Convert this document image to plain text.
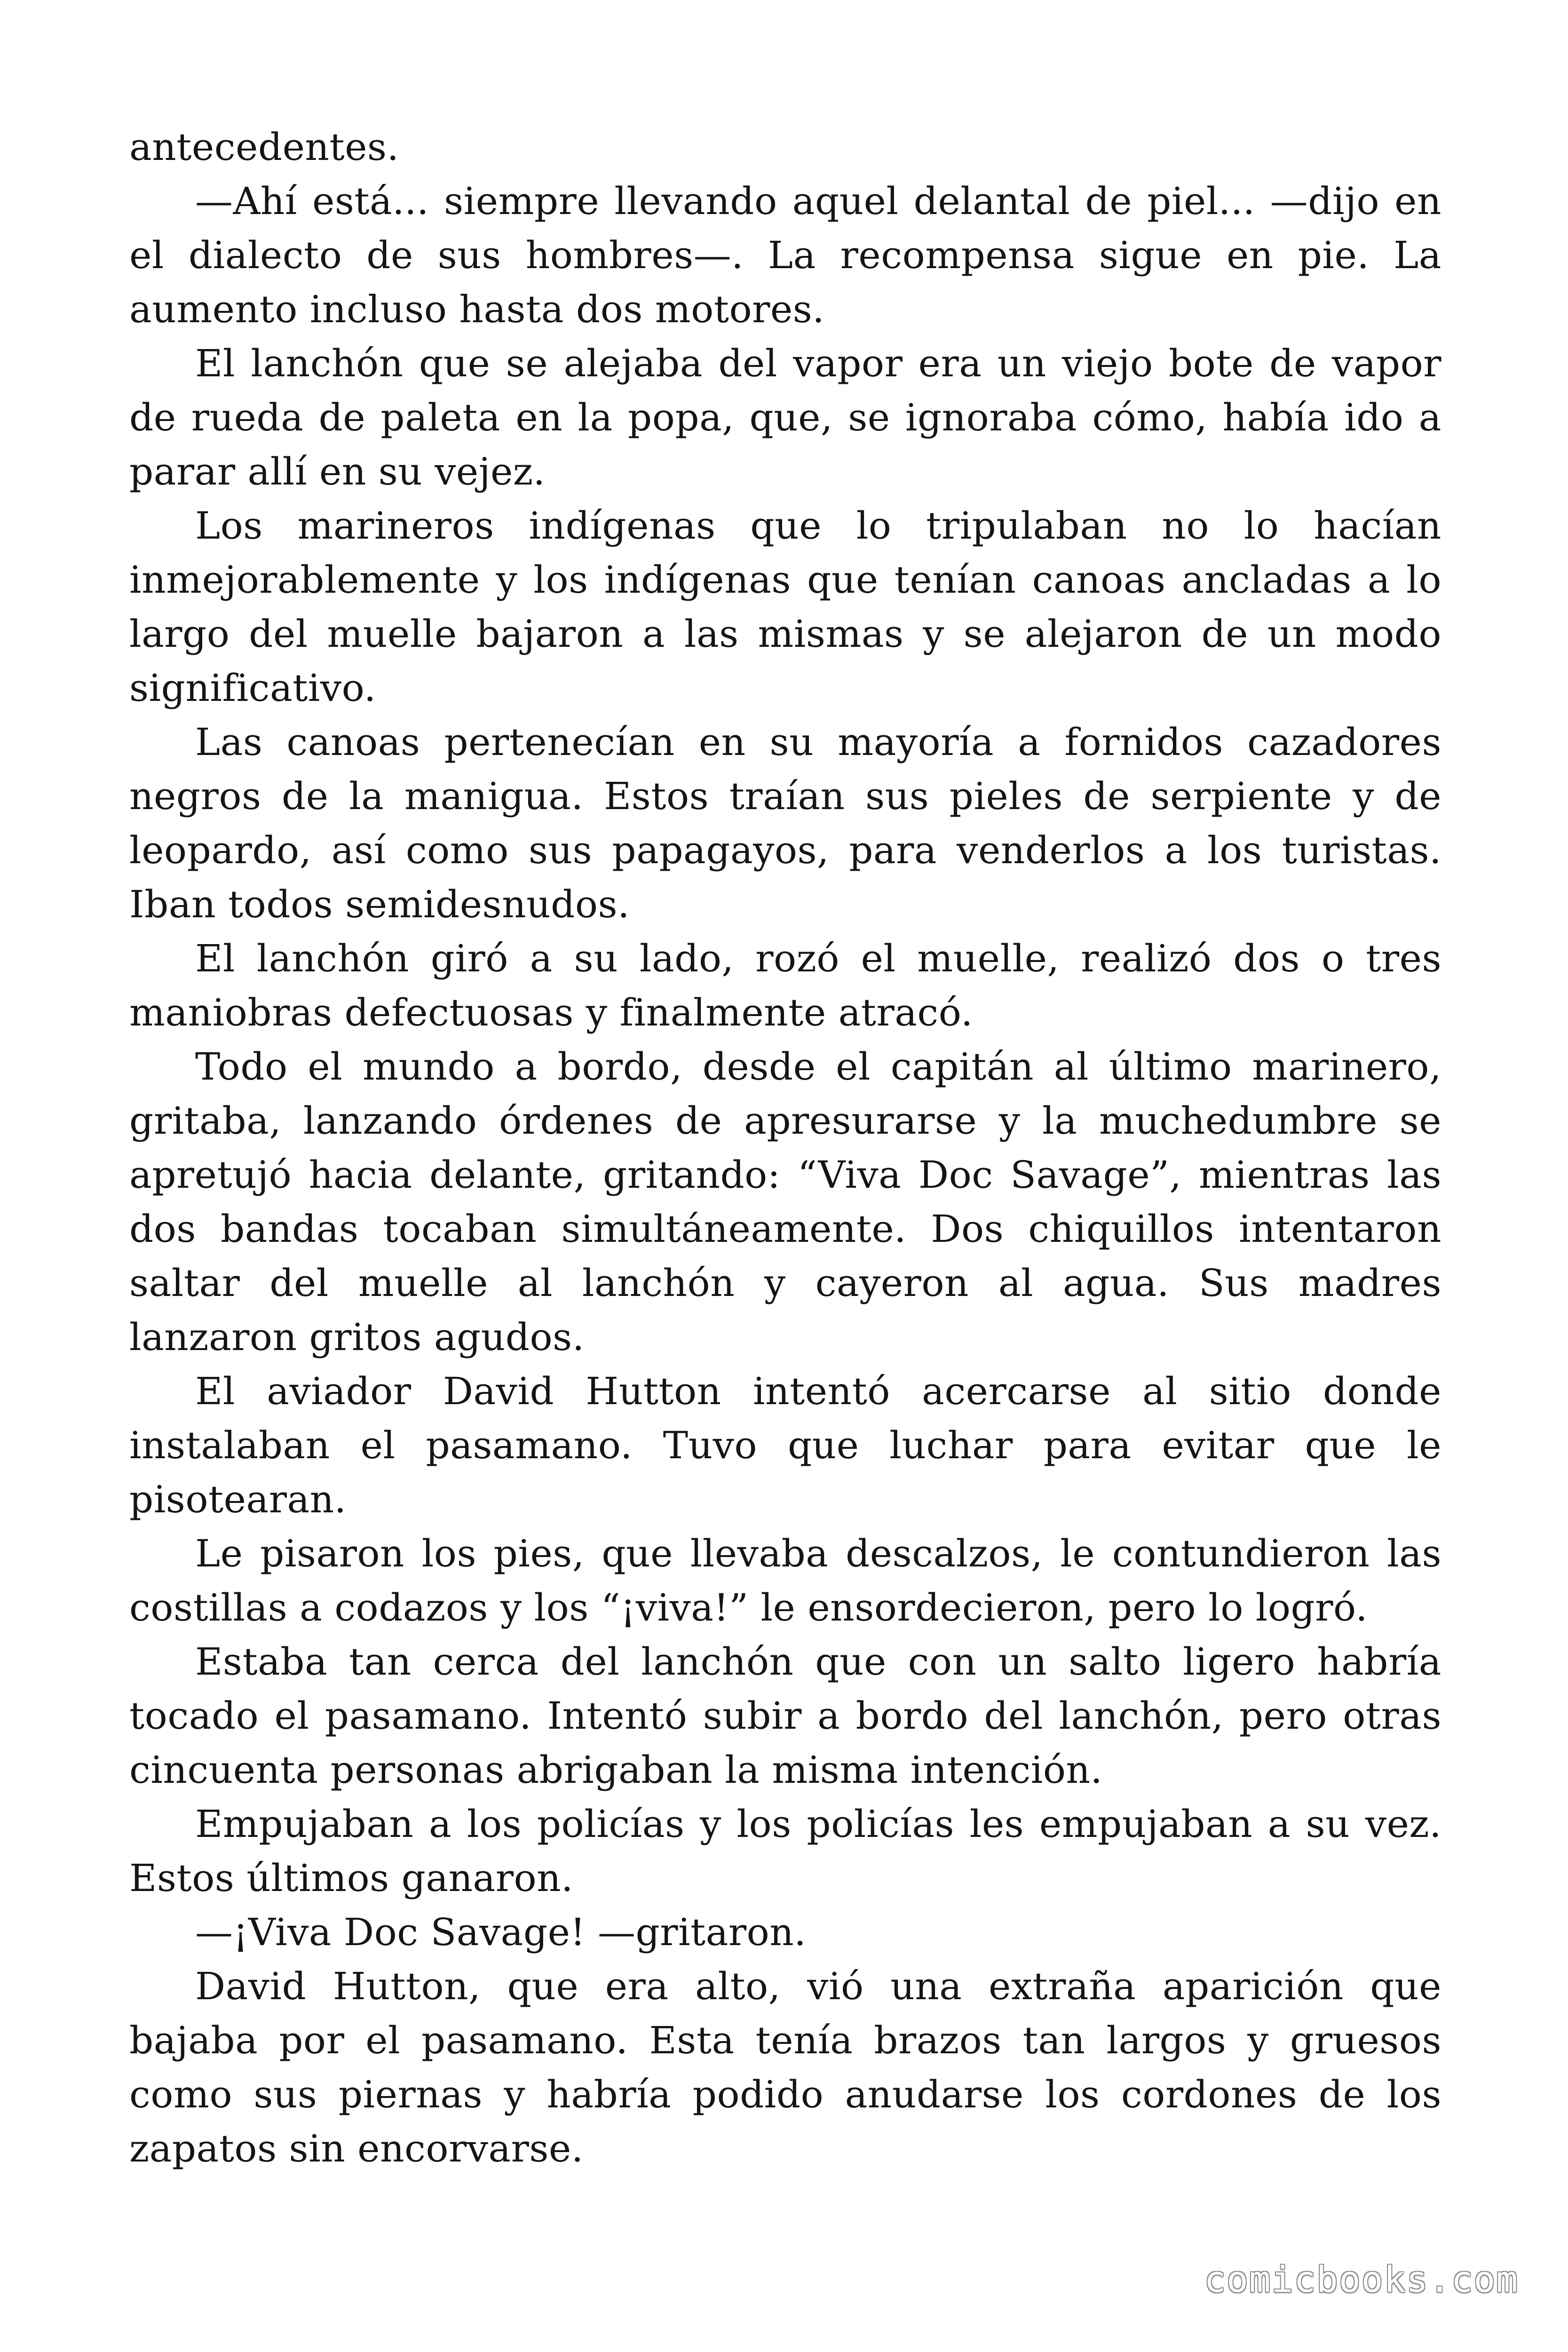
antecedentes.

—Ahí está... siempre llevando aquel delantal de piel... —dijo en el dialecto de sus hombres—. La recompensa sigue en pie. La aumento incluso hasta dos motores.

El lanchón que se alejaba del vapor era un viejo bote de vapor de rueda de paleta en la popa, que, se ignoraba cómo, había ido a parar allí en su vejez.

Los marineros indígenas que lo tripulaban no lo hacían inmejorablemente y los indígenas que tenían canoas ancladas a lo largo del muelle bajaron a las mismas y se alejaron de un modo significativo.

Las canoas pertenecían en su mayoría a fornidos cazadores negros de la manigua. Estos traían sus pieles de serpiente y de leopardo, así como sus papagayos, para venderlos a los turistas. Iban todos semidesnudos.

El lanchón giró a su lado, rozó el muelle, realizó dos o tres maniobras defectuosas y finalmente atracó.

Todo el mundo a bordo, desde el capitán al último marinero, gritaba, lanzando órdenes de apresurarse y la muchedumbre se apretujó hacia delante, gritando: “Viva Doc Savage”, mientras las dos bandas tocaban simultáneamente. Dos chiquillos intentaron saltar del muelle al lanchón y cayeron al agua. Sus madres lanzaron gritos agudos.

El aviador David Hutton intentó acercarse al sitio donde instalaban el pasamano. Tuvo que luchar para evitar que le pisotearan.

Le pisaron los pies, que llevaba descalzos, le contundieron las costillas a codazos y los “¡viva!” le ensordecieron, pero lo logró.

Estaba tan cerca del lanchón que con un salto ligero habría tocado el pasamano. Intentó subir a bordo del lanchón, pero otras cincuenta personas abrigaban la misma intención.

Empujaban a los policías y los policías les empujaban a su vez. Estos últimos ganaron.

—¡Viva Doc Savage! —gritaron.

David Hutton, que era alto, vió una extraña aparición que bajaba por el pasamano. Esta tenía brazos tan largos y gruesos como sus piernas y habría podido anudarse los cordones de los zapatos sin encorvarse.

comicbooks.com
